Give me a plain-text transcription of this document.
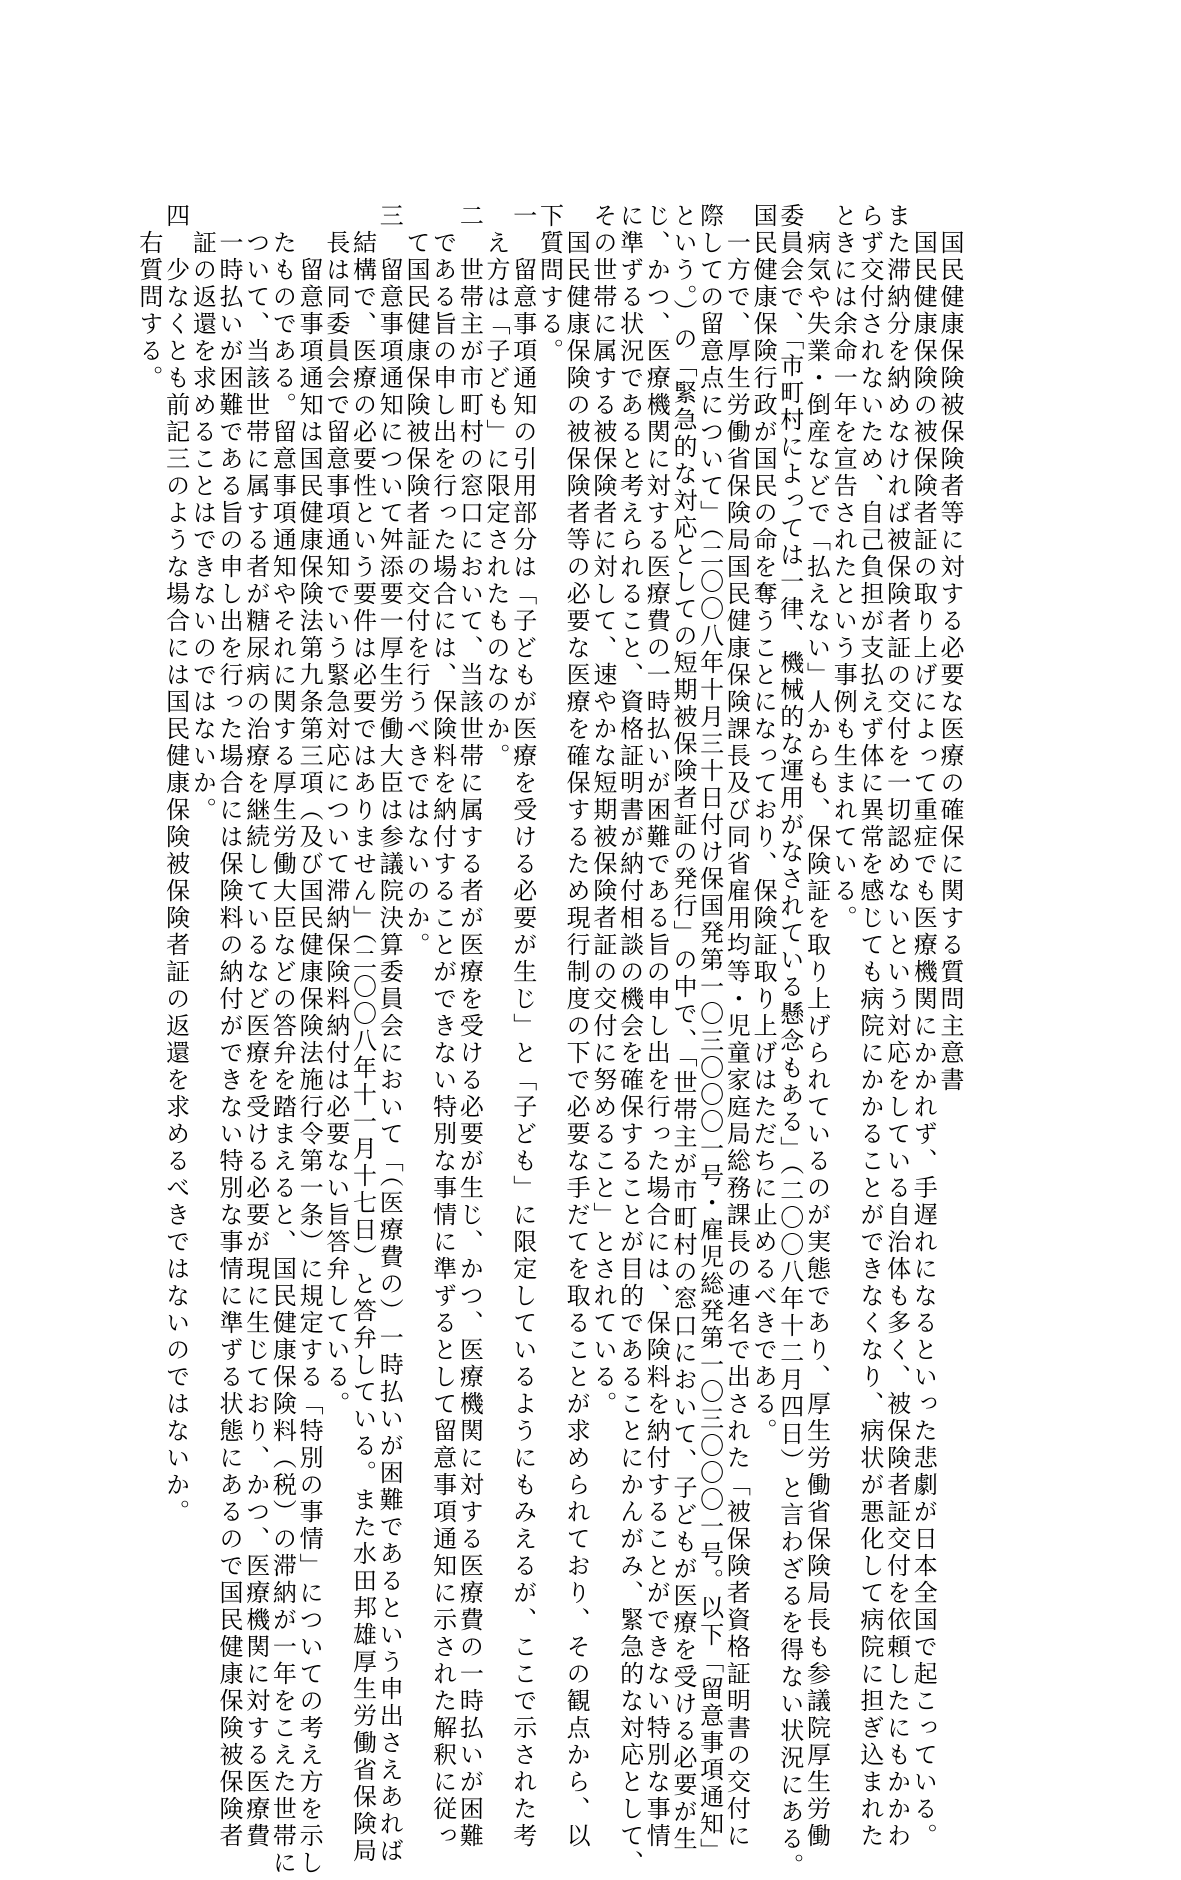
国民健康保険被保険者等に対する必要な医療の確保に関する質問主意書
　国民健康保険の被保険者証の取り上げによって重症でも医療機関にかかれず、手遅れになるといった悲劇が日本全国で起こっている。
また滞納分を納めなければ被保険者証の交付を一切認めないという対応をしている自治体も多く、被保険者証交付を依頼したにもかかわ
らず交付されないため、自己負担が支払えず体に異常を感じても病院にかかることができなくなり、病状が悪化して病院に担ぎ込まれた
ときには余命一年を宣告されたという事例も生まれている。
　病気や失業・倒産などで「払えない」人からも、保険証を取り上げられているのが実態であり、厚生労働省保険局長も参議院厚生労働
委員会で、「市町村によっては一律、機械的な運用がなされている懸念もある」（二〇〇八年十二月四日）と言わざるを得ない状況にある。
国民健康保険行政が国民の命を奪うことになっており、保険証取り上げはただちに止めるべきである。
　一方で、厚生労働省保険局国民健康保険課長及び同省雇用均等・児童家庭局総務課長の連名で出された「被保険者資格証明書の交付に
際しての留意点について」（二〇〇八年十月三十日付け保国発第一〇三〇〇〇一号・雇児総発第一〇三〇〇〇一号。以下「留意事項通知」
という。）の「緊急的な対応としての短期被保険者証の発行」の中で、「世帯主が市町村の窓口において、子どもが医療を受ける必要が生
じ、かつ、医療機関に対する医療費の一時払いが困難である旨の申し出を行った場合には、保険料を納付することができない特別な事情
に準ずる状況であると考えられること、資格証明書が納付相談の機会を確保することが目的であることにかんがみ、緊急的な対応として、
その世帯に属する被保険者に対して、速やかな短期被保険者証の交付に努めること」とされている。
　国民健康保険の被保険者等の必要な医療を確保するため現行制度の下で必要な手だてを取ることが求められており、その観点から、以
下質問する。
一　留意事項通知の引用部分は「子どもが医療を受ける必要が生じ」と「子ども」に限定しているようにもみえるが、ここで示された考
　え方は「子ども」に限定されたものなのか。
二　世帯主が市町村の窓口において、当該世帯に属する者が医療を受ける必要が生じ、かつ、医療機関に対する医療費の一時払いが困難
　である旨の申し出を行った場合には、保険料を納付することができない特別な事情に準ずるとして留意事項通知に示された解釈に従っ
　て国民健康保険被保険者証の交付を行うべきではないのか。
三　留意事項通知について舛添要一厚生労働大臣は参議院決算委員会において「（医療費の）一時払いが困難であるという申出さえあれば
　結構で、医療の必要性という要件は必要ではありません」（二〇〇八年十一月十七日）と答弁している。また水田邦雄厚生労働省保険局
　長は同委員会で留意事項通知でいう緊急対応について滞納保険料納付は必要ない旨答弁している。
　　留意事項通知は国民健康保険法第九条第三項（及び国民健康保険法施行令第一条）に規定する「特別の事情」についての考え方を示し
　たものである。留意事項通知やそれに関する厚生労働大臣などの答弁を踏まえると、国民健康保険料（税）の滞納が一年をこえた世帯に
　ついて、当該世帯に属する者が糖尿病の治療を継続しているなど医療を受ける必要が現に生じており、かつ、医療機関に対する医療費
　一時払いが困難である旨の申し出を行った場合には保険料の納付ができない特別な事情に準ずる状態にあるので国民健康保険被保険者
　証の返還を求めることはできないのではないか。
四　少なくとも前記三のような場合には国民健康保険被保険者証の返還を求めるべきではないのではないか。
　右質問する。
